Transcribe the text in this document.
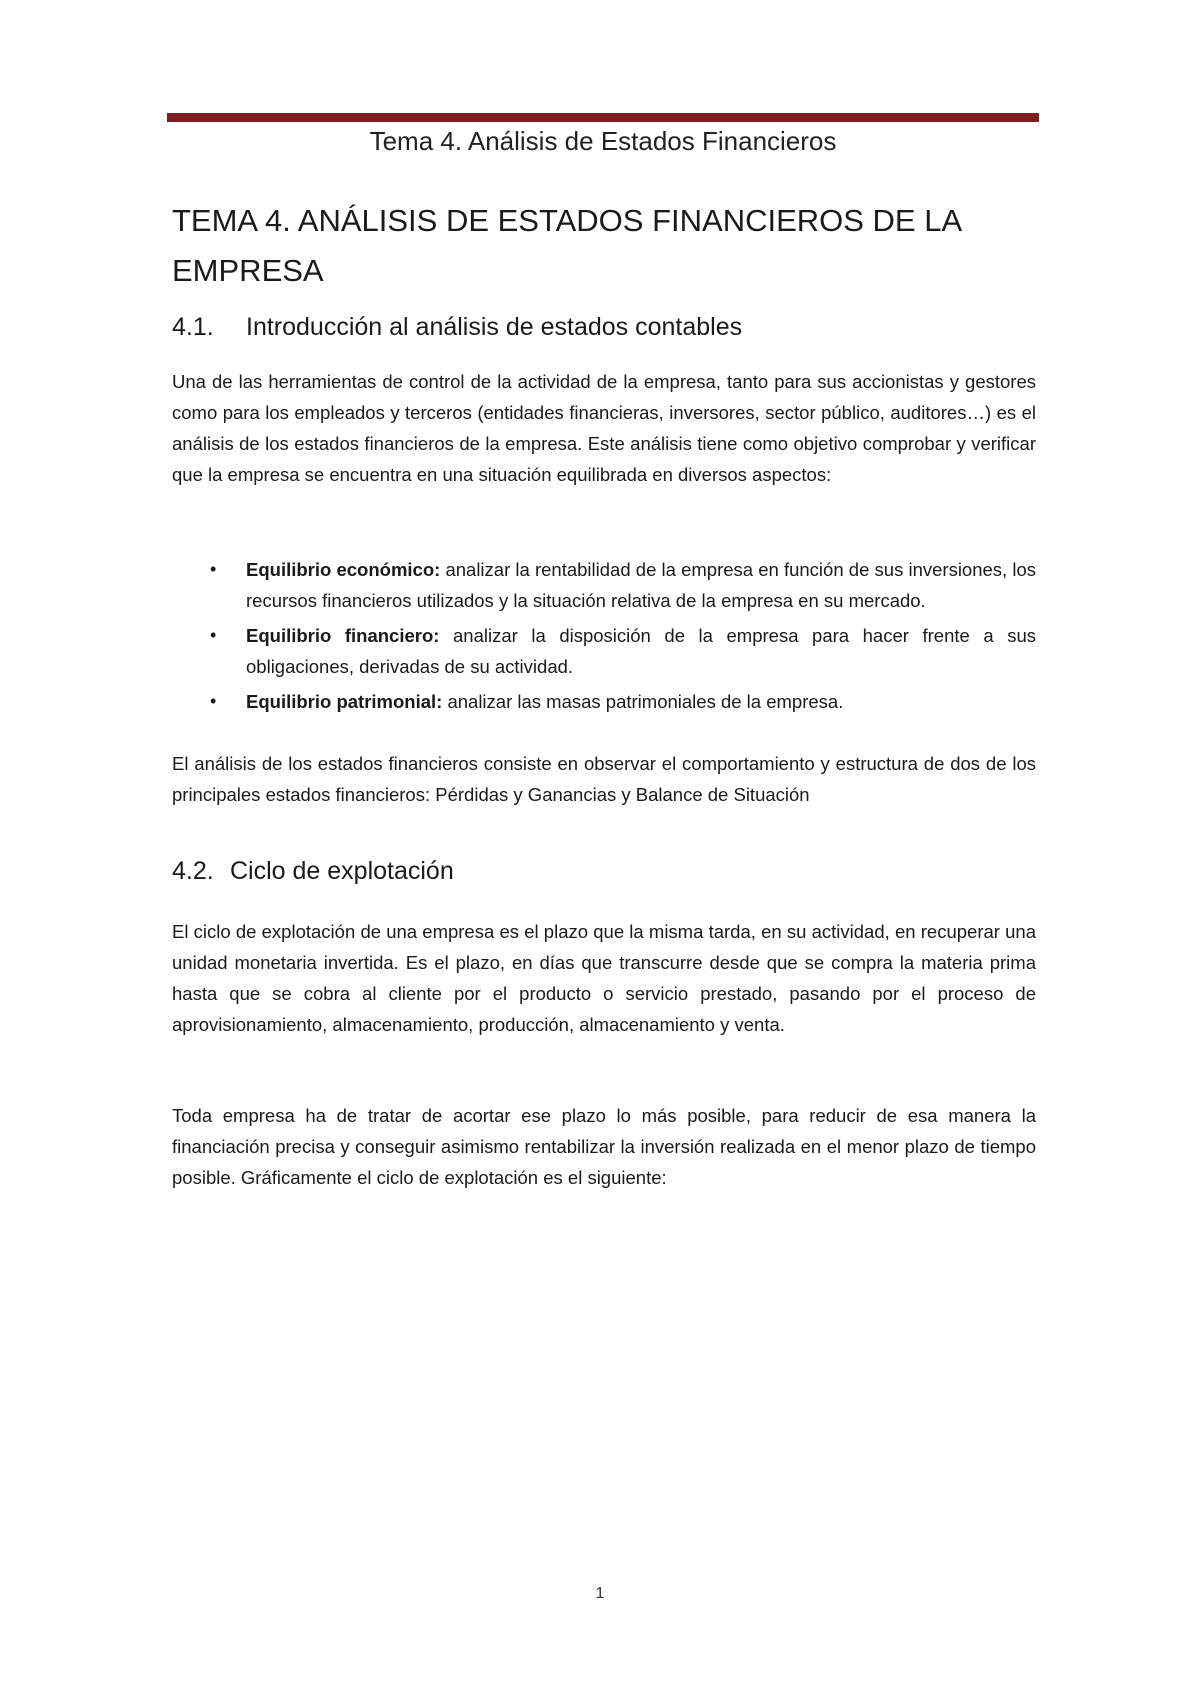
Tema 4. Análisis de Estados Financieros
TEMA 4. ANÁLISIS DE ESTADOS FINANCIEROS DE LA EMPRESA
4.1. Introducción al análisis de estados contables

Una de las herramientas de control de la actividad de la empresa, tanto para sus accionistas y gestores como para los empleados y terceros (entidades financieras, inversores, sector público, auditores…) es el análisis de los estados financieros de la empresa. Este análisis tiene como objetivo comprobar y verificar que la empresa se encuentra en una situación equilibrada en diversos aspectos:

• Equilibrio económico: analizar la rentabilidad de la empresa en función de sus inversiones, los recursos financieros utilizados y la situación relativa de la empresa en su mercado.
• Equilibrio financiero: analizar la disposición de la empresa para hacer frente a sus obligaciones, derivadas de su actividad.
• Equilibrio patrimonial: analizar las masas patrimoniales de la empresa.

El análisis de los estados financieros consiste en observar el comportamiento y estructura de dos de los principales estados financieros: Pérdidas y Ganancias y Balance de Situación

4.2. Ciclo de explotación

El ciclo de explotación de una empresa es el plazo que la misma tarda, en su actividad, en recuperar una unidad monetaria invertida. Es el plazo, en días que transcurre desde que se compra la materia prima hasta que se cobra al cliente por el producto o servicio prestado, pasando por el proceso de aprovisionamiento, almacenamiento, producción, almacenamiento y venta.

Toda empresa ha de tratar de acortar ese plazo lo más posible, para reducir de esa manera la financiación precisa y conseguir asimismo rentabilizar la inversión realizada en el menor plazo de tiempo posible. Gráficamente el ciclo de explotación es el siguiente:

1
